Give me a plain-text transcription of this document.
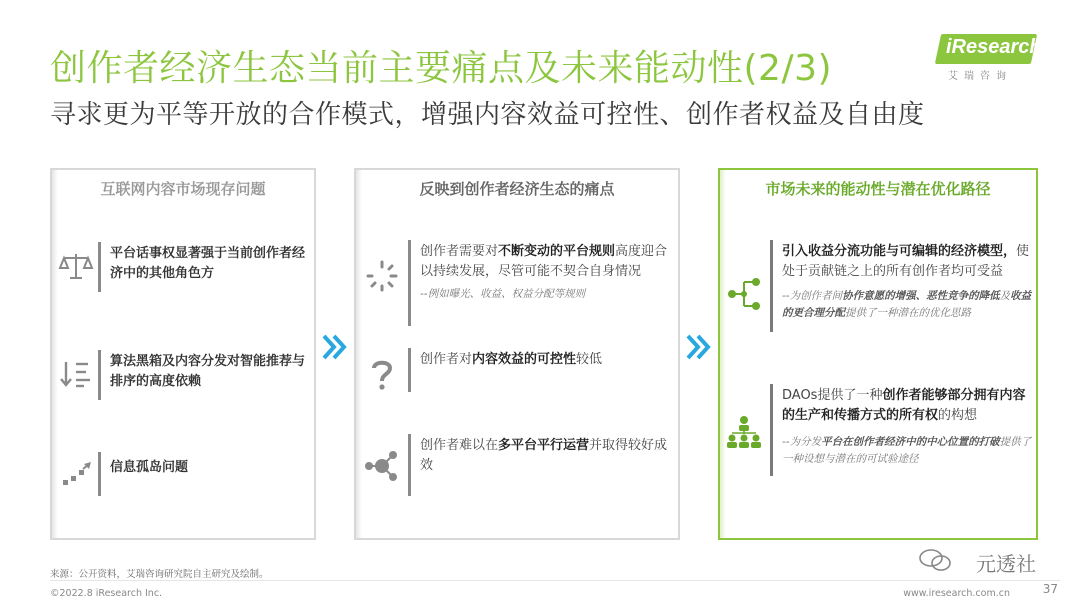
创作者经济生态当前主要痛点及未来能动性(2/3)
寻求更为平等开放的合作模式，增强内容效益可控性、创作者权益及自由度
iResearch
艾瑞咨询
互联网内容市场现存问题
平台话事权显著强于当前创作者经济中的其他角色方
算法黑箱及内容分发对智能推荐与排序的高度依赖
信息孤岛问题
反映到创作者经济生态的痛点
创作者需要对不断变动的平台规则高度迎合以持续发展，尽管可能不契合自身情况
--例如曝光、收益、权益分配等规则
创作者对内容效益的可控性较低
创作者难以在多平台平行运营并取得较好成效
市场未来的能动性与潜在优化路径
引入收益分流功能与可编辑的经济模型，使处于贡献链之上的所有创作者均可受益
--为创作者间协作意愿的增强、恶性竞争的降低及收益的更合理分配提供了一种潜在的优化思路
DAOs提供了一种创作者能够部分拥有内容的生产和传播方式的所有权的构想
--为分发平台在创作者经济中的中心位置的打破提供了一种设想与潜在的可试验途径
来源：公开资料，艾瑞咨询研究院自主研究及绘制。
©2022.8 iResearch Inc.	www.iresearch.com.cn	37
元透社
